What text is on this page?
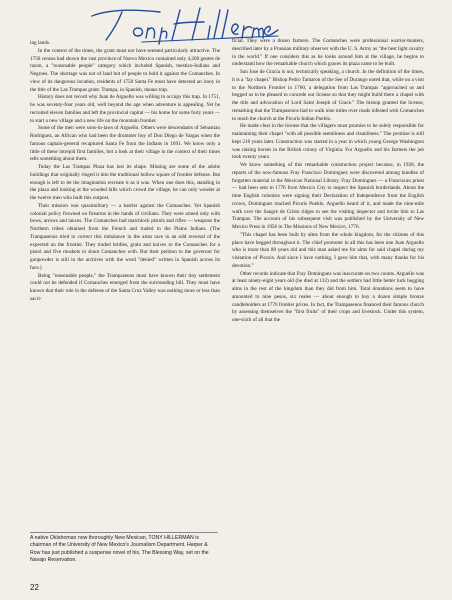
ing lands.

In the context of the times, the grant must not have seemed particularly attractive. The 1750 census had shown the vast province of Nuevo Mexico contained only 4,200 gentes de razon, a "reasonable people" category which included Spanish, mestizo-Indians and Negroes. The shortage was not of land but of people to hold it against the Comanches. In view of its dangerous location, residents of 1750 Santa Fe must have detected an irony in the title of the Las Trampas grant. Trampa, in Spanish, means trap.

History does not record why Juan de Arguello was willing to occupy this trap. In 1751, he was seventy-four years old, well beyond the age when adventure is appealing. Yet he recruited eleven families and left the provincial capital — his home for some forty years — to start a new village and a new life on the mountain frontier.

Some of the men were sons-in-laws of Arguello. Others were descendants of Sebastian Rodriguez, an African who had been the drummer boy of Don Diego de Vargas when the famous captain-general recaptured Santa Fe from the Indians in 1691. We know only a little of these intrepid first families, but a look at their village in the context of their times tells something about them.

Today the Las Trampas Plaza has lost its shape. Missing are some of the adobe buildings that originally ringed it into the traditional hollow square of frontier defense. But enough is left to let the imagination recreate it as it was. When one does this, standing in the plaza and looking at the wooded hills which crowd the village, he can only wonder at the twelve men who built this outpost.

Their mission was quasimilitary — a barrier against the Comanches. Yet Spanish colonial policy frowned on firearms in the hands of civilians. They were armed only with bows, arrows and lances. The Comanches had matchlock pistols and rifles — weapons the Northern tribes obtained from the French and traded to the Plains Indians. (The Trampasenos tried to correct this imbalance in the arms race in an odd reversal of the expected on the frontier. They traded bridles, grain and knives to the Comanches for a pistol and five muskets to shoot Comanches with. But their petition to the governor for gunpowder is still in the archives with the word "denied" written in Spanish across its face.)

Being "reasonable people," the Trampasenos must have known their tiny settlement could not be defended if Comanches emerged from the surrounding hill. They must have known that their role in the defense of the Santa Cruz Valley was nothing more or less than sacri-

ficial. They were a dozen farmers. The Comanches were professional warrior-hunters, described later by a Prussian military observer with the U. S. Army as "the best light cavalry in the world." If one considers this as he looks around him at the village, he begins to understand how the remarkable church which graces its plaza came to be built.

San Jose de Gracia is not, technically speaking, a church. In the definition of the times, it is a "lay chapel." Bishop Pedro Tamaron of the See of Durango noted that, while on a visit to the Northern Frontier in 1760, a delegation from Las Trampas "approached us and begged us to be pleased to concede our license so that they might build there a chapel with the title and advocation of Lord Saint Joseph of Grace." The bishop granted the license, remarking that the Trampasenos had to walk nine miles over roads infested with Comanches to reach the church at the Picuris Indian Pueblo.

He made clear in the license that the villagers must promise to be solely responsible for maintaining their chapel "with all possible seemliness and cleanliness." The promise is still kept 210 years later. Construction was started in a year in which young George Washington was raising horses in the British colony of Virginia. For Arguello and his farmers the job took twenty years.

We know something of this remarkable construction project because, in 1928, the reports of the now-famous Fray Francisco Dominguez were discovered among bundles of forgotten material in the Mexican National Library. Fray Dominguez — a Franciscan priest — had been sent in 1776 from Mexico City to inspect the Spanish borderlands. About the time English colonists were signing their Declaration of Independence from the English crown, Dominguez reached Picuris Pueblo. Arguello heard of it, and made the nine-mile walk over the Sangre de Cristo ridges to see the visiting inspector and invite him to Las Trampas. The account of his subsequent visit was published by the University of New Mexico Press in 1956 in The Missions of New Mexico, 1776.

"This chapel has been built by alms from the whole kingdom, for the citizens of this place have begged throughout it. The chief promoter in all this has been one Juan Arguello who is more than 80 years old and this man asked me for alms for said chapel during my visitation of Picuris. And since I have nothing, I gave him that, with many thanks for his devotion."

Other records indicate that Fray Dominguez was inaccurate on two counts. Arguello was at least ninety-eight years old (he died at 112) and the settlers had little better luck begging alms in the rest of the kingdom than they did from him. Total donations seem to have amounted to nine pesos, six reales — about enough to buy a dozen simple bronze candleholders at 1776 frontier prices. In fact, the Trampasenos financed their famous church by assessing themselves the "first fruits" of their crops and livestock. Under this system, one-sixth of all that the

A native Oklahoman now thoroughly New Mexican, TONY HILLERMAN is chairman of the University of New Mexico's Journalism Department. Harper & Row has just published a suspense novel of his, The Blessing Way, set on the Navajo Reservation.
22
